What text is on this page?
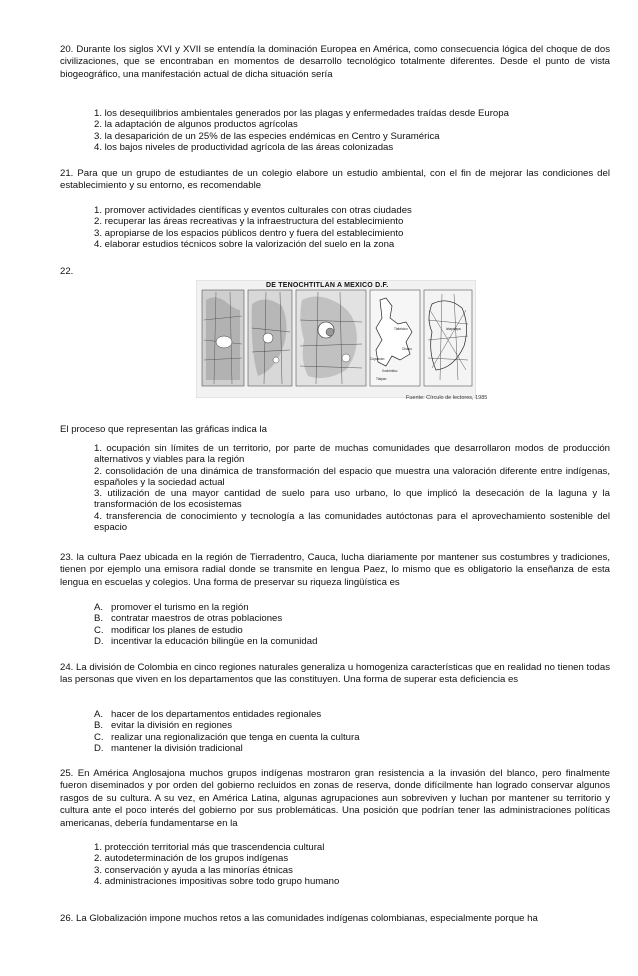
20. Durante los siglos XVI y XVII se entendía la dominación Europea en América, como consecuencia lógica del choque de dos civilizaciones, que se encontraban en momentos de desarrollo tecnológico totalmente diferentes. Desde el punto de vista biogeográfico, una manifestación actual de dicha situación sería
1. los desequilibrios ambientales generados por las plagas y enfermedades traídas desde Europa
2. la adaptación de algunos productos agrícolas
3. la desaparición de un 25% de las especies endémicas en Centro y Suramérica
4. los bajos niveles de productividad agrícola de las áreas colonizadas
21. Para que un grupo de estudiantes de un colegio elabore un estudio ambiental, con el fin de mejorar las condiciones del establecimiento y su entorno, es recomendable
1. promover actividades científicas y eventos culturales con otras ciudades
2. recuperar las áreas recreativas y la infraestructura del establecimiento
3. apropiarse de los espacios públicos dentro y fuera del establecimiento
4. elaborar estudios técnicos sobre la valorización del suelo en la zona
22.
Tlatelolco
Chalco
Xochimilco
Tlalpan
Coyoacán
Iztapalapa
DE TENOCHTITLAN A MEXICO D.F.
Fuente: Círculo de lectores, 1985
El proceso que representan las gráficas indica la
1. ocupación sin límites de un territorio, por parte de muchas comunidades que desarrollaron modos de producción alternativos y viables para la región
2. consolidación de una dinámica de transformación del espacio que muestra una valoración diferente entre indígenas, españoles y la sociedad actual
3. utilización de una mayor cantidad de suelo para uso urbano, lo que implicó la desecación de la laguna y la transformación de los ecosistemas
4. transferencia de conocimiento y tecnología a las comunidades autóctonas para el aprovechamiento sostenible del espacio
23. la cultura Paez ubicada en la región de Tierradentro, Cauca, lucha diariamente por mantener sus costumbres y tradiciones, tienen por ejemplo una emisora radial donde se transmite en lengua Paez, lo mismo que es obligatorio la enseñanza de esta lengua en escuelas y colegios. Una forma de preservar su riqueza lingüística es
A. promover el turismo en la región
B. contratar maestros de otras poblaciones
C. modificar los planes de estudio
D. incentivar la educación bilingüe en la comunidad
24. La división de Colombia en cinco regiones naturales generaliza u homogeniza características que en realidad no tienen todas las personas que viven en los departamentos que las constituyen. Una forma de superar esta deficiencia es
A. hacer de los departamentos entidades regionales
B. evitar la división en regiones
C. realizar una regionalización que tenga en cuenta la cultura
D. mantener la división tradicional
25. En América Anglosajona muchos grupos indígenas mostraron gran resistencia a la invasión del blanco, pero finalmente fueron diseminados y por orden del gobierno recluidos en zonas de reserva, donde difícilmente han logrado conservar algunos rasgos de su cultura. A su vez, en América Latina, algunas agrupaciones aun sobreviven y luchan por mantener su territorio y cultura ante el poco interés del gobierno por sus problemáticas. Una posición que podrían tener las administraciones políticas americanas, debería fundamentarse en la
1. protección territorial más que trascendencia cultural
2. autodeterminación de los grupos indígenas
3. conservación y ayuda a las minorías étnicas
4. administraciones impositivas sobre todo grupo humano
26. La Globalización impone muchos retos a las comunidades indígenas colombianas, especialmente porque ha
